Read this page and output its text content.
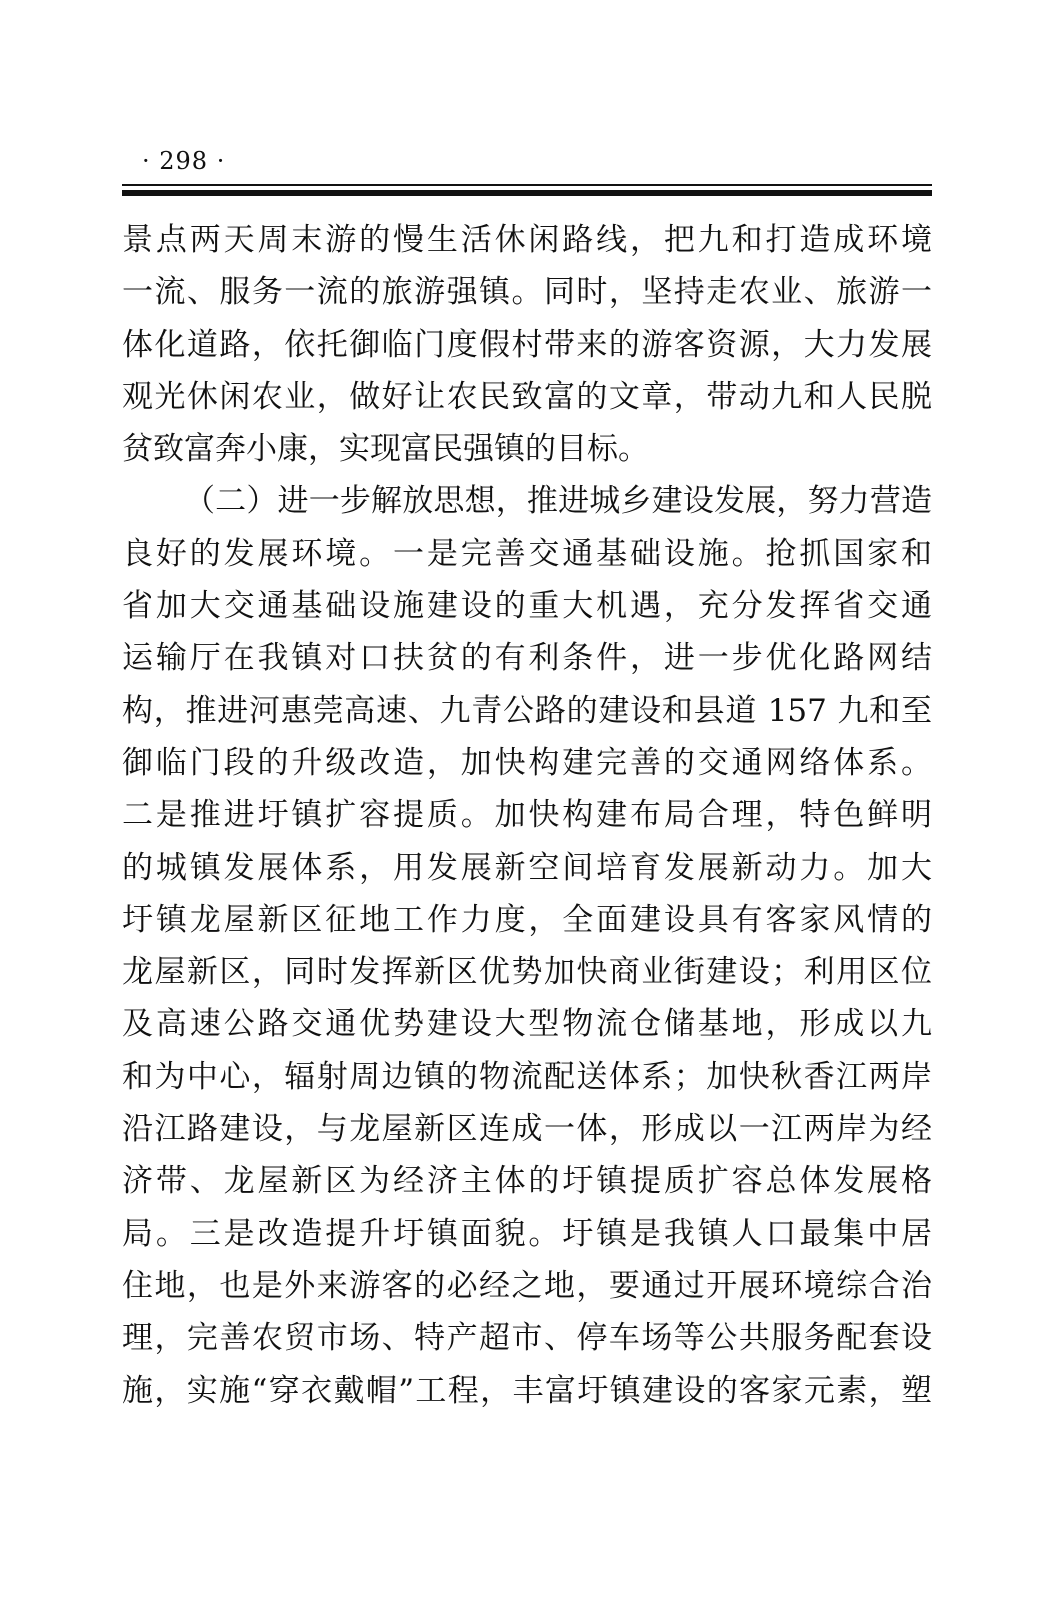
· 298 ·
景点两天周末游的慢生活休闲路线，把九和打造成环境
一流、服务一流的旅游强镇。同时，坚持走农业、旅游一
体化道路，依托御临门度假村带来的游客资源，大力发展
观光休闲农业，做好让农民致富的文章，带动九和人民脱
贫致富奔小康，实现富民强镇的目标。
（二）进一步解放思想，推进城乡建设发展，努力营造
良好的发展环境。一是完善交通基础设施。抢抓国家和
省加大交通基础设施建设的重大机遇，充分发挥省交通
运输厅在我镇对口扶贫的有利条件，进一步优化路网结
构，推进河惠莞高速、九青公路的建设和县道 157 九和至
御临门段的升级改造，加快构建完善的交通网络体系。
二是推进圩镇扩容提质。加快构建布局合理，特色鲜明
的城镇发展体系，用发展新空间培育发展新动力。加大
圩镇龙屋新区征地工作力度，全面建设具有客家风情的
龙屋新区，同时发挥新区优势加快商业街建设；利用区位
及高速公路交通优势建设大型物流仓储基地，形成以九
和为中心，辐射周边镇的物流配送体系；加快秋香江两岸
沿江路建设，与龙屋新区连成一体，形成以一江两岸为经
济带、龙屋新区为经济主体的圩镇提质扩容总体发展格
局。三是改造提升圩镇面貌。圩镇是我镇人口最集中居
住地，也是外来游客的必经之地，要通过开展环境综合治
理，完善农贸市场、特产超市、停车场等公共服务配套设
施，实施“穿衣戴帽”工程，丰富圩镇建设的客家元素，塑
